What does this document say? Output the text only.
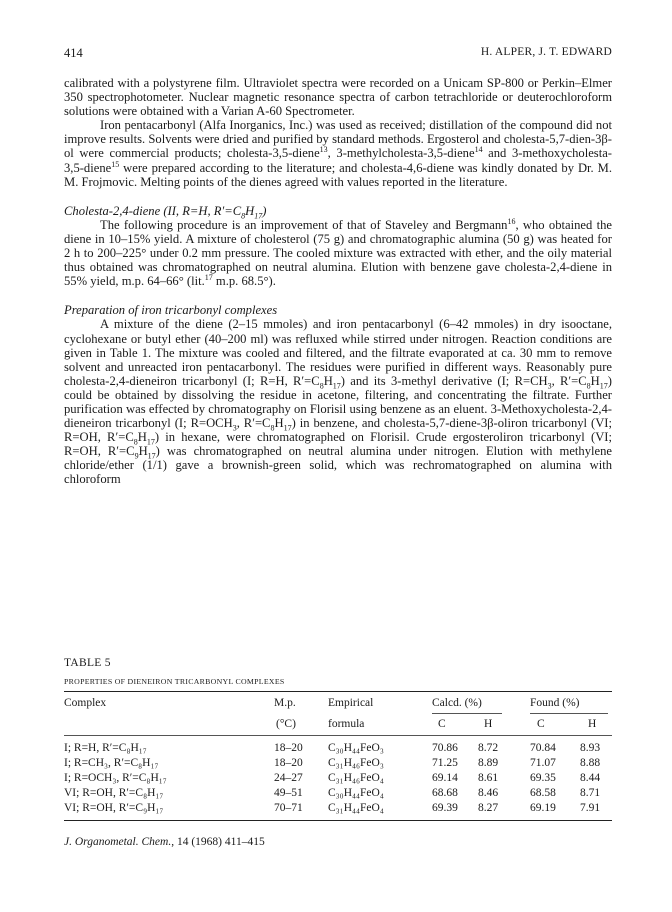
414	H. ALPER, J. T. EDWARD

calibrated with a polystyrene film. Ultraviolet spectra were recorded on a Unicam SP-800 or Perkin–Elmer 350 spectrophotometer. Nuclear magnetic resonance spectra of carbon tetrachloride or deuterochloroform solutions were obtained with a Varian A-60 Spectrometer.

Iron pentacarbonyl (Alfa Inorganics, Inc.) was used as received; distillation of the compound did not improve results. Solvents were dried and purified by standard methods. Ergosterol and cholesta-5,7-dien-3β-ol were commercial products; cholesta-3,5-diene$^{13}$, 3-methylcholesta-3,5-diene$^{14}$ and 3-methoxycholesta-3,5-diene$^{15}$ were prepared according to the literature; and cholesta-4,6-diene was kindly donated by Dr. M. M. Frojmovic. Melting points of the dienes agreed with values reported in the literature.

Cholesta-2,4-diene (II, R=H, $R'=C_8H_{17}$)

The following procedure is an improvement of that of Staveley and Bergmann$^{16}$, who obtained the diene in 10–15% yield. A mixture of cholesterol (75 g) and chromatographic alumina (50 g) was heated for 2 h to 200–225° under 0.2 mm pressure. The cooled mixture was extracted with ether, and the oily material thus obtained was chromatographed on neutral alumina. Elution with benzene gave cholesta-2,4-diene in 55% yield, m.p. 64–66° (lit.$^{17}$ m.p. 68.5°).

Preparation of iron tricarbonyl complexes

A mixture of the diene (2–15 mmoles) and iron pentacarbonyl (6–42 mmoles) in dry isooctane, cyclohexane or butyl ether (40–200 ml) was refluxed while stirred under nitrogen. Reaction conditions are given in Table 1. The mixture was cooled and filtered, and the filtrate evaporated at ca. 30 mm to remove solvent and unreacted iron pentacarbonyl. The residues were purified in different ways. Reasonably pure cholesta-2,4-dieneiron tricarbonyl (I; R=H, $R'=C_8H_{17}$) and its 3-methyl derivative (I; $R=CH_3$, $R'=C_8H_{17}$) could be obtained by dissolving the residue in acetone, filtering, and concentrating the filtrate. Further purification was effected by chromatography on Florisil using benzene as an eluent. 3-Methoxycholesta-2,4-dieneiron tricarbonyl (I; $R=OCH_3$, $R'=C_8H_{17}$) in benzene, and cholesta-5,7-diene-3β-oliron tricarbonyl (VI; R=OH, $R'=C_8H_{17}$) in hexane, were chromatographed on Florisil. Crude ergosteroliron tricarbonyl (VI; R=OH, $R'=C_9H_{17}$) was chromatographed on neutral alumina under nitrogen. Elution with methylene chloride/ether (1/1) gave a brownish-green solid, which was rechromatographed on alumina with chloroform

TABLE 5
PROPERTIES OF DIENEIRON TRICARBONYL COMPLEXES
Complex	M.p.	Empirical	Calcd. (%)	Found (%)
(°C)	formula	C	H	C	H
I; R=H, R′=C₈H₁₇	18–20 C₃₀H₄₄FeO₃	70.86 8.72	70.84 8.93
I; R=CH₃, R′=C₈H₁₇	18–20 C₃₁H₄₆FeO₃	71.25 8.89	71.07 8.88
I; R=OCH₃, R′=C₈H₁₇	24–27 C₃₁H₄₆FeO₄	69.14 8.61	69.35 8.44
VI; R=OH, R′=C₈H₁₇	49–51 C₃₀H₄₄FeO₄	68.68 8.46	68.58 8.71
VI; R=OH, R′=C₉H₁₇	70–71 C₃₁H₄₄FeO₄	69.39 8.27	69.19 7.91
J. Organometal. Chem., 14 (1968) 411–415
